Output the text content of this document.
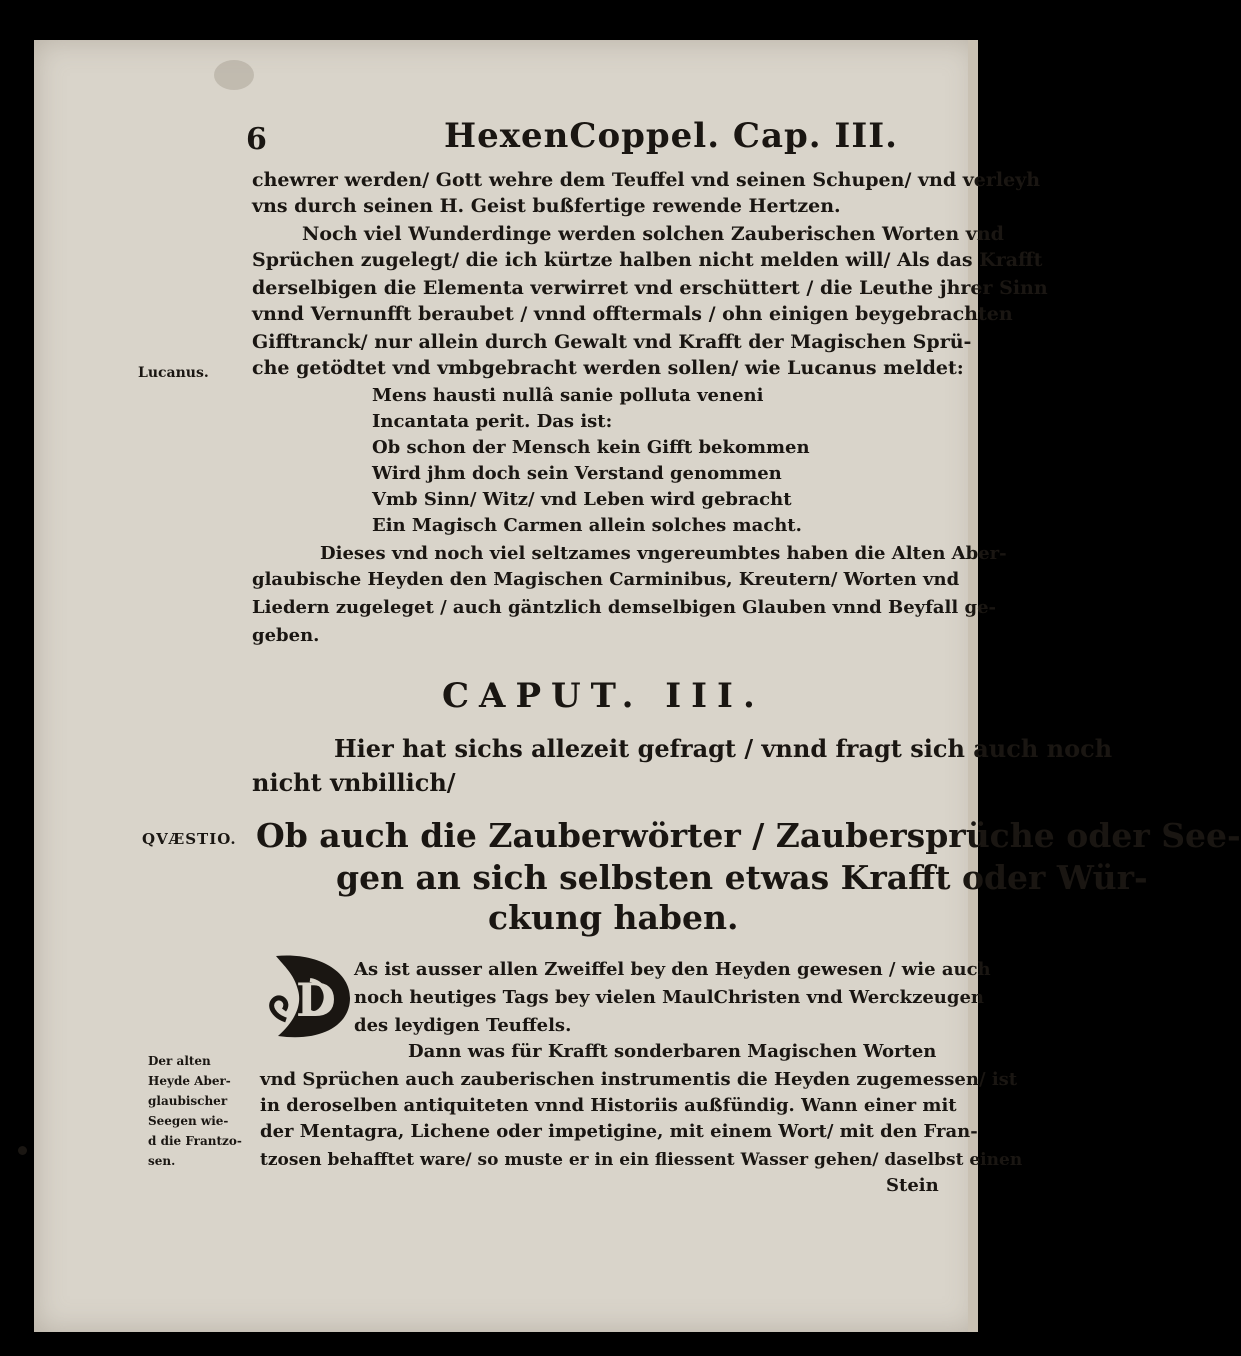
6	HexenCoppel. Cap. III.
chewrer werden/ Gott wehre dem Teuffel vnd seinen Schupen/ vnd verleyh
vns durch seinen H. Geist bußfertige rewende Hertzen.
Noch viel Wunderdinge werden solchen Zauberischen Worten vnd
Sprüchen zugelegt/ die ich kürtze halben nicht melden will/ Als das Krafft
derselbigen die Elementa verwirret vnd erschüttert / die Leuthe jhrer Sinn
vnnd Vernunfft beraubet / vnnd offtermals / ohn einigen beygebrachten
Gifftranck/ nur allein durch Gewalt vnd Krafft der Magischen Sprü-
che getödtet vnd vmbgebracht werden sollen/ wie Lucanus meldet:
Lucanus.
Mens hausti nullâ sanie polluta veneni
Incantata perit. Das ist:
Ob schon der Mensch kein Gifft bekommen
Wird jhm doch sein Verstand genommen
Vmb Sinn/ Witz/ vnd Leben wird gebracht
Ein Magisch Carmen allein solches macht.
Dieses vnd noch viel seltzames vngereumbtes haben die Alten Aber-
glaubische Heyden den Magischen Carminibus, Kreutern/ Worten vnd
Liedern zugeleget / auch gäntzlich demselbigen Glauben vnnd Beyfall ge-
geben.
CAPUT. III.
Hier hat sichs allezeit gefragt / vnnd fragt sich auch noch
nicht vnbillich/
QVÆSTIO. Ob auch die Zauberwörter / Zaubersprüche oder See-
gen an sich selbsten etwas Krafft oder Wür-
ckung haben.
D
As ist ausser allen Zweiffel bey den Heyden gewesen / wie auch
noch heutiges Tags bey vielen MaulChristen vnd Werckzeugen
des leydigen Teuffels.
Dann was für Krafft sonderbaren Magischen Worten
vnd Sprüchen auch zauberischen instrumentis die Heyden zugemessen/ ist
in deroselben antiquiteten vnnd Historiis außfündig. Wann einer mit
der Mentagra, Lichene oder impetigine, mit einem Wort/ mit den Fran-
tzosen behafftet ware/ so muste er in ein fliessent Wasser gehen/ daselbst einen
Stein
Der alten
Heyde Aber-
glaubischer
Seegen wie-
d die Frantzo-
sen.
